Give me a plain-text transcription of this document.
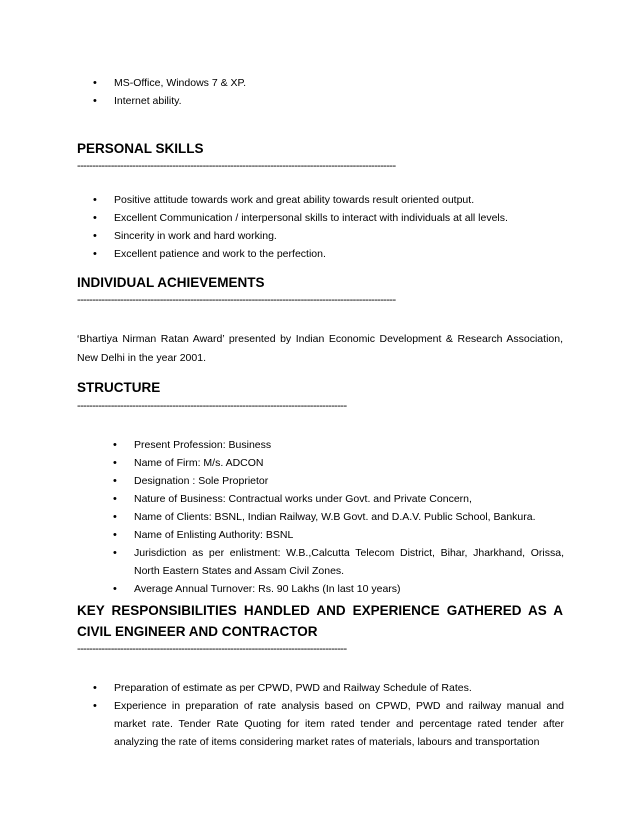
• MS-Office, Windows 7 & XP.
• Internet ability.
PERSONAL SKILLS
--------------------------------------------------------------------------------------------------------
• Positive attitude towards work and great ability towards result oriented output.
• Excellent Communication / interpersonal skills to interact with individuals at all levels.
• Sincerity in work and hard working.
• Excellent patience and work to the perfection.
INDIVIDUAL ACHIEVEMENTS
--------------------------------------------------------------------------------------------------------

‘Bhartiya Nirman Ratan Award’ presented by Indian Economic Development & Research Association, New Delhi in the year 2001.

STRUCTURE
----------------------------------------------------------------------------------------
• Present Profession: Business
• Name of Firm: M/s. ADCON
• Designation : Sole Proprietor
• Nature of Business: Contractual works under Govt. and Private Concern,
• Name of Clients: BSNL, Indian Railway, W.B Govt. and D.A.V. Public School, Bankura.
• Name of Enlisting Authority: BSNL
• Jurisdiction as per enlistment: W.B.,Calcutta Telecom District, Bihar, Jharkhand, Orissa, North Eastern States and Assam Civil Zones.
• Average Annual Turnover: Rs. 90 Lakhs (In last 10 years)
KEY RESPONSIBILITIES HANDLED AND EXPERIENCE GATHERED AS A CIVIL ENGINEER AND CONTRACTOR
----------------------------------------------------------------------------------------
• Preparation of estimate as per CPWD, PWD and Railway Schedule of Rates.
• Experience in preparation of rate analysis based on CPWD, PWD and railway manual and market rate. Tender Rate Quoting for item rated tender and percentage rated tender after analyzing the rate of items considering market rates of materials, labours and transportation
